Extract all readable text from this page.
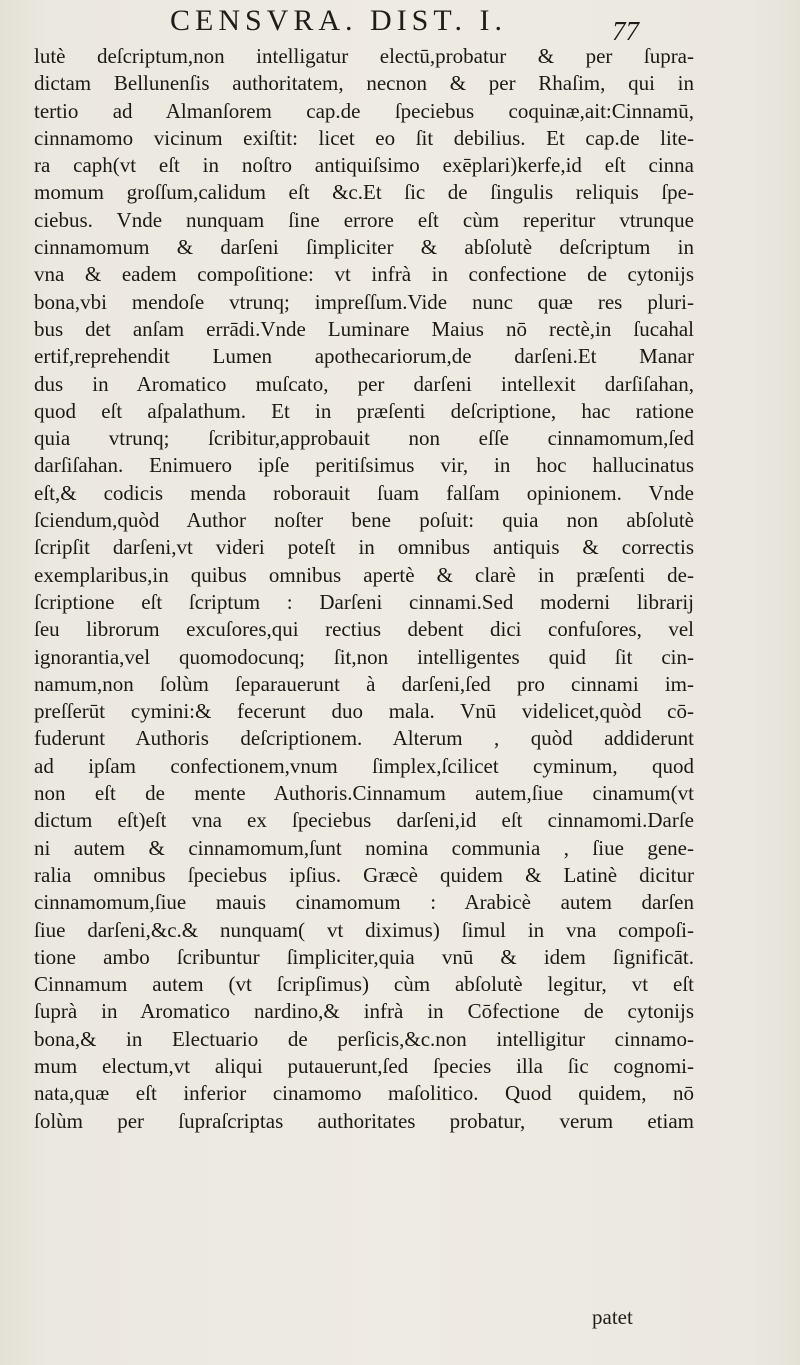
CENSVRA. DIST. I.	77
lutè deſcriptum,non intelligatur electū,probatur & per ſupra-
dictam Bellunenſis authoritatem, necnon & per Rhaſim, qui in
tertio ad Almanſorem cap.de ſpeciebus coquinæ,ait:Cinnamū,
cinnamomo vicinum exiſtit: licet eo ſit debilius. Et cap.de lite-
ra caph(vt eſt in noſtro antiquiſsimo exēplari)kerfe,id eſt cinna
momum groſſum,calidum eſt &c.Et ſic de ſingulis reliquis ſpe-
ciebus. Vnde nunquam ſine errore eſt cùm reperitur vtrunque
cinnamomum & darſeni ſimpliciter & abſolutè deſcriptum in
vna & eadem compoſitione: vt infrà in confectione de cytonijs
bona,vbi mendoſe vtrunq; impreſſum.Vide nunc quæ res pluri-
bus det anſam errādi.Vnde Luminare Maius nō rectè,in ſucahal
ertif,reprehendit Lumen apothecariorum,de darſeni.Et Manar
dus in Aromatico muſcato, per darſeni intellexit darſiſahan,
quod eſt aſpalathum. Et in præſenti deſcriptione, hac ratione
quia vtrunq; ſcribitur,approbauit non eſſe cinnamomum,ſed
darſiſahan. Enimuero ipſe peritiſsimus vir, in hoc hallucinatus
eſt,& codicis menda roborauit ſuam falſam opinionem. Vnde
ſciendum,quòd Author noſter bene poſuit: quia non abſolutè
ſcripſit darſeni,vt videri poteſt in omnibus antiquis & correctis
exemplaribus,in quibus omnibus apertè & clarè in præſenti de-
ſcriptione eſt ſcriptum : Darſeni cinnami.Sed moderni librarij
ſeu librorum excuſores,qui rectius debent dici confuſores, vel
ignorantia,vel quomodocunq; ſit,non intelligentes quid ſit cin-
namum,non ſolùm ſeparauerunt à darſeni,ſed pro cinnami im-
preſſerūt cymini:& fecerunt duo mala. Vnū videlicet,quòd cō-
fuderunt Authoris deſcriptionem. Alterum , quòd addiderunt
ad ipſam confectionem,vnum ſimplex,ſcilicet cyminum, quod
non eſt de mente Authoris.Cinnamum autem,ſiue cinamum(vt
dictum eſt)eſt vna ex ſpeciebus darſeni,id eſt cinnamomi.Darſe
ni autem & cinnamomum,ſunt nomina communia , ſiue gene-
ralia omnibus ſpeciebus ipſius. Græcè quidem & Latinè dicitur
cinnamomum,ſiue mauis cinamomum : Arabicè autem darſen
ſiue darſeni,&c.& nunquam( vt diximus) ſimul in vna compoſi-
tione ambo ſcribuntur ſimpliciter,quia vnū & idem ſignificāt.
Cinnamum autem (vt ſcripſimus) cùm abſolutè legitur, vt eſt
ſuprà in Aromatico nardino,& infrà in Cōfectione de cytonijs
bona,& in Electuario de perſicis,&c.non intelligitur cinnamo-
mum electum,vt aliqui putauerunt,ſed ſpecies illa ſic cognomi-
nata,quæ eſt inferior cinamomo maſolitico. Quod quidem, nō
ſolùm per ſupraſcriptas authoritates probatur, verum etiam
patet
